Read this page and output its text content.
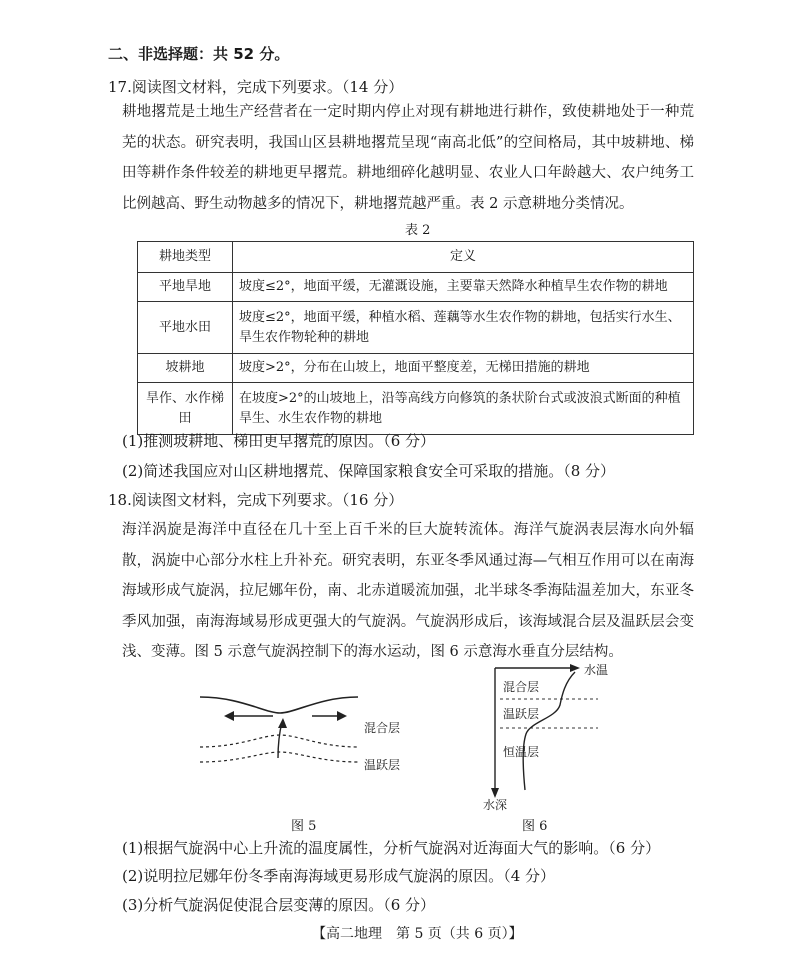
二、非选择题：共 52 分。
17.阅读图文材料，完成下列要求。（14 分）
耕地撂荒是土地生产经营者在一定时期内停止对现有耕地进行耕作，致使耕地处于一种荒芜的状态。研究表明，我国山区县耕地撂荒呈现“南高北低”的空间格局，其中坡耕地、梯田等耕作条件较差的耕地更早撂荒。耕地细碎化越明显、农业人口年龄越大、农户纯务工比例越高、野生动物越多的情况下，耕地撂荒越严重。表 2 示意耕地分类情况。
表 2
耕地类型	定义
平地旱地	坡度≤2°，地面平缓，无灌溉设施，主要靠天然降水种植旱生农作物的耕地
平地水田	坡度≤2°，地面平缓，种植水稻、莲藕等水生农作物的耕地，包括实行水生、旱生农作物轮种的耕地
坡耕地	坡度>2°，分布在山坡上，地面平整度差，无梯田措施的耕地
旱作、水作梯田	在坡度>2°的山坡地上，沿等高线方向修筑的条状阶台式或波浪式断面的种植旱生、水生农作物的耕地
(1)推测坡耕地、梯田更早撂荒的原因。（6 分）
(2)简述我国应对山区耕地撂荒、保障国家粮食安全可采取的措施。（8 分）
18.阅读图文材料，完成下列要求。（16 分）
海洋涡旋是海洋中直径在几十至上百千米的巨大旋转流体。海洋气旋涡表层海水向外辐散，涡旋中心部分水柱上升补充。研究表明，东亚冬季风通过海—气相互作用可以在南海海域形成气旋涡，拉尼娜年份，南、北赤道暖流加强，北半球冬季海陆温差加大，东亚冬季风加强，南海海域易形成更强大的气旋涡。气旋涡形成后，该海域混合层及温跃层会变浅、变薄。图 5 示意气旋涡控制下的海水运动，图 6 示意海水垂直分层结构。
混合层
温跃层
图 5
水温
混合层
温跃层
恒温层
水深
图 6
(1)根据气旋涡中心上升流的温度属性，分析气旋涡对近海面大气的影响。（6 分）
(2)说明拉尼娜年份冬季南海海域更易形成气旋涡的原因。（4 分）
(3)分析气旋涡促使混合层变薄的原因。（6 分）
【高二地理　第 5 页（共 6 页）】
